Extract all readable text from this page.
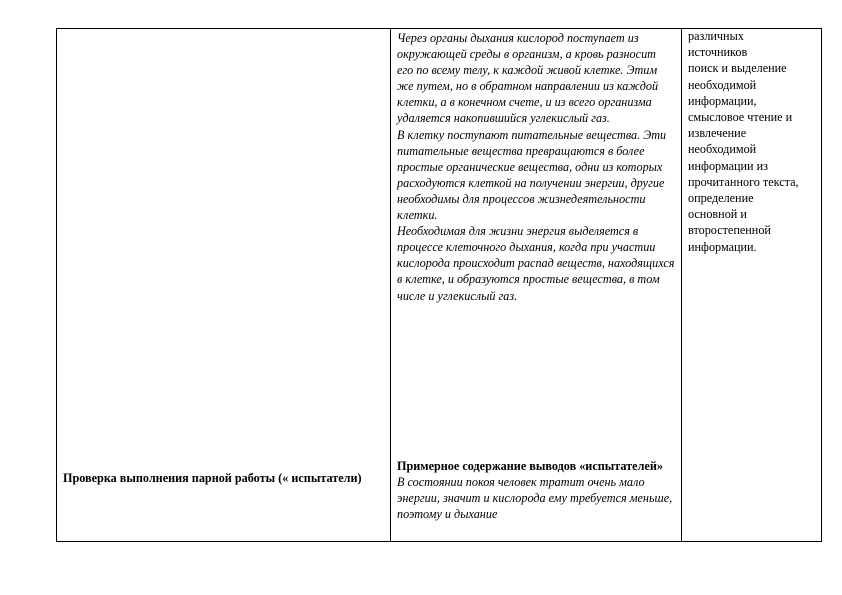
Проверка выполнения парной работы (« испытатели)

Через органы дыхания кислород поступает из окружающей среды в организм, а кровь разносит его по всему телу, к каждой живой клетке. Этим же путем, но в обратном направлении из каждой клетки, а в конечном счете, и из всего организма удаляется накопившийся углекислый газ.

В клетку поступают питательные вещества. Эти питательные вещества превращаются в более простые органические вещества, одни из которых расходуются клеткой на получении энергии, другие необходимы для процессов жизнедеятельности клетки.

Необходимая для жизни энергия выделяется в процессе клеточного дыхания, когда при участии кислорода происходит распад веществ, находящихся в клетке, и образуются простые вещества, в том числе и углекислый газ.

Примерное содержание выводов «испытателей»
В состоянии покоя человек тратит очень мало энергии, значит и кислорода ему требуется меньше, поэтому и дыхание
различных
источников
поиск и выделение
необходимой
информации,
смысловое чтение и
извлечение
необходимой
информации из
прочитанного текста,
определение
основной и
второстепенной
информации.
